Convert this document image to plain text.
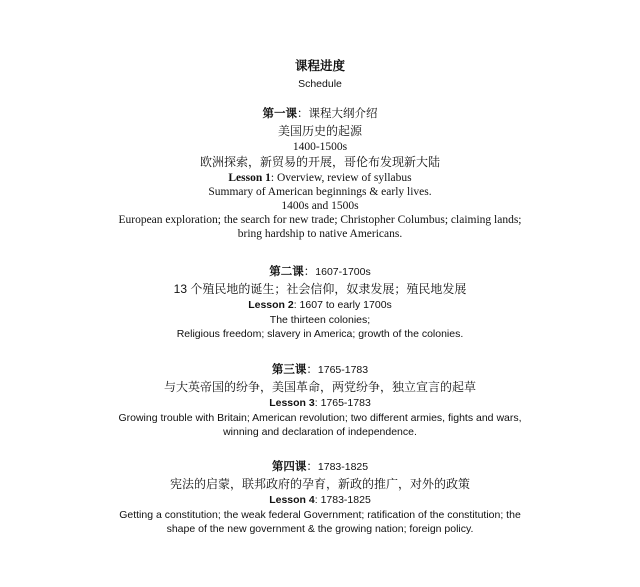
课程进度
Schedule
第一课：课程大纲介绍
美国历史的起源
1400-1500s
欧洲探索，新贸易的开展，哥伦布发现新大陆
Lesson 1: Overview, review of syllabus
Summary of American beginnings & early lives.
1400s and 1500s
European exploration; the search for new trade; Christopher Columbus; claiming lands;
bring hardship to native Americans.
第二课：1607-1700s
13 个殖民地的诞生；社会信仰，奴隶发展；殖民地发展
Lesson 2: 1607 to early 1700s
The thirteen colonies;
Religious freedom; slavery in America; growth of the colonies.
第三课：1765-1783
与大英帝国的纷争，美国革命，两党纷争，独立宣言的起草
Lesson 3: 1765-1783
Growing trouble with Britain; American revolution; two different armies, fights and wars,
winning and declaration of independence.
第四课：1783-1825
宪法的启蒙，联邦政府的孕育，新政的推广，对外的政策
Lesson 4: 1783-1825
Getting a constitution; the weak federal Government; ratification of the constitution; the
shape of the new government & the growing nation; foreign policy.
